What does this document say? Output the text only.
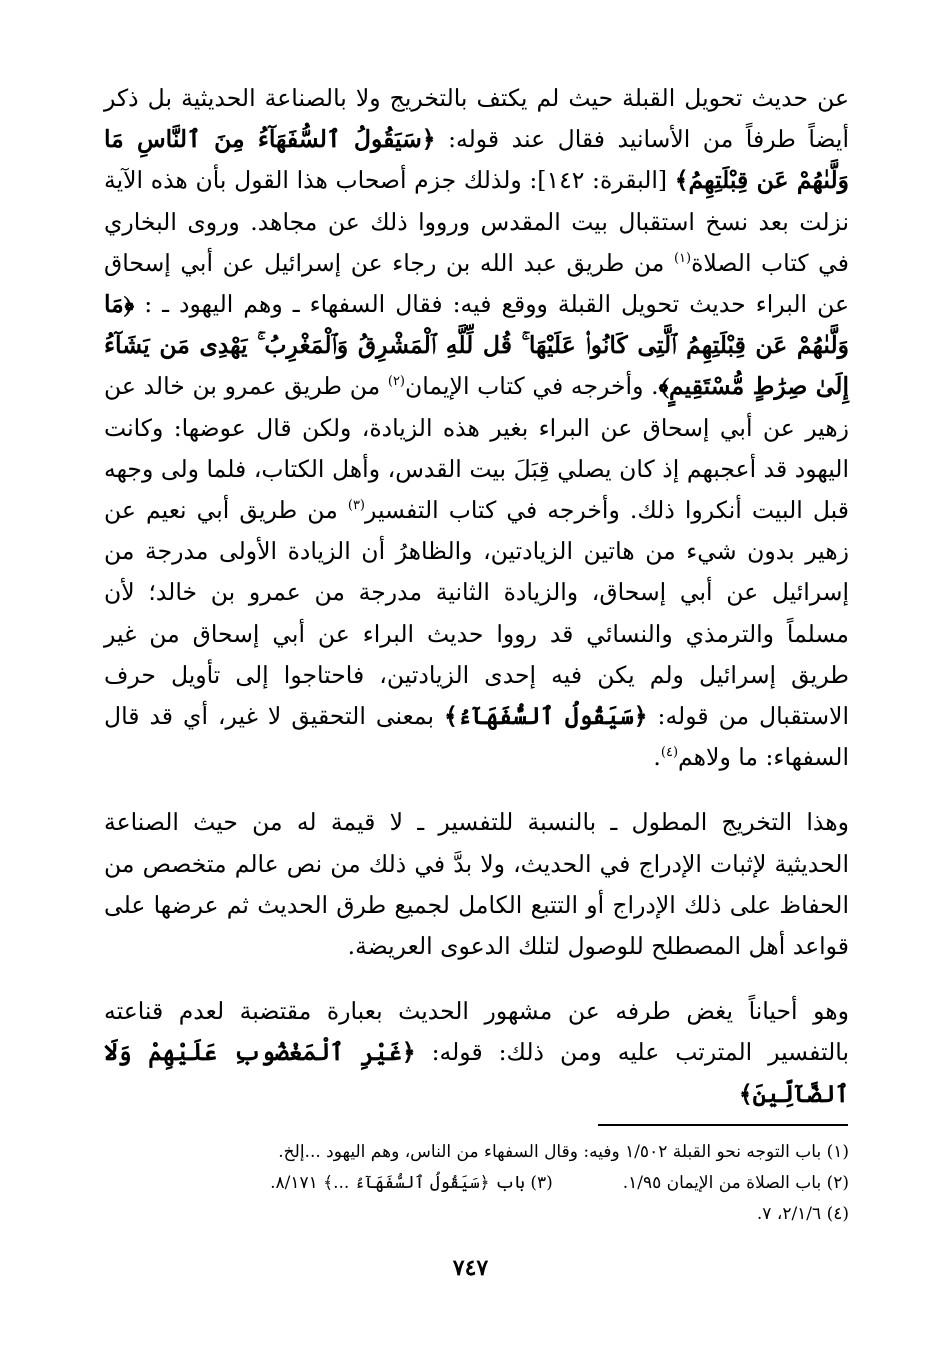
عن حديث تحويل القبلة حيث لم يكتف بالتخريج ولا بالصناعة الحديثية بل ذكر أيضاً طرفاً من الأسانيد فقال عند قوله: ﴿سَيَقُولُ ٱلسُّفَهَآءُ مِنَ ٱلنَّاسِ مَا وَلَّىٰهُمْ عَن قِبْلَتِهِمُ﴾ [البقرة: ١٤٢]: ولذلك جزم أصحاب هذا القول بأن هذه الآية نزلت بعد نسخ استقبال بيت المقدس ورووا ذلك عن مجاهد. وروى البخاري في كتاب الصلاة$^{(١)}$ من طريق عبد الله بن رجاء عن إسرائيل عن أبي إسحاق عن البراء حديث تحويل القبلة ووقع فيه: فقال السفهاء ـ وهم اليهود ـ : ﴿مَا وَلَّىٰهُمْ عَن قِبْلَتِهِمُ ٱلَّتِى كَانُوا۟ عَلَيْهَا ۚ قُل لِّلَّهِ ٱلْمَشْرِقُ وَٱلْمَغْرِبُ ۚ يَهْدِى مَن يَشَآءُ إِلَىٰ صِرَٰطٍ مُّسْتَقِيمٍ﴾. وأخرجه في كتاب الإيمان$^{(٢)}$ من طريق عمرو بن خالد عن زهير عن أبي إسحاق عن البراء بغير هذه الزيادة، ولكن قال عوضها: وكانت اليهود قد أعجبهم إذ كان يصلي قِبَلَ بيت القدس، وأهل الكتاب، فلما ولى وجهه قبل البيت أنكروا ذلك. وأخرجه في كتاب التفسير$^{(٣)}$ من طريق أبي نعيم عن زهير بدون شيء من هاتين الزيادتين، والظاهرُ أن الزيادة الأولى مدرجة من إسرائيل عن أبي إسحاق، والزيادة الثانية مدرجة من عمرو بن خالد؛ لأن مسلماً والترمذي والنسائي قد رووا حديث البراء عن أبي إسحاق من غير طريق إسرائيل ولم يكن فيه إحدى الزيادتين، فاحتاجوا إلى تأويل حرف الاستقبال من قوله: ﴿سَيَقُولُ ٱلسُّفَهَآءُ﴾ بمعنى التحقيق لا غير، أي قد قال السفهاء: ما ولاهم$^{(٤)}$.

وهذا التخريج المطول ـ بالنسبة للتفسير ـ لا قيمة له من حيث الصناعة الحديثية لإثبات الإدراج في الحديث، ولا بدَّ في ذلك من نص عالم متخصص من الحفاظ على ذلك الإدراج أو التتبع الكامل لجميع طرق الحديث ثم عرضها على قواعد أهل المصطلح للوصول لتلك الدعوى العريضة.

وهو أحياناً يغض طرفه عن مشهور الحديث بعبارة مقتضبة لعدم قناعته بالتفسير المترتب عليه ومن ذلك: قوله: ﴿غَيْرِ ٱلْمَغْضُوبِ عَلَيْهِمْ وَلَا ٱلضَّآلِّينَ﴾

(١) باب التوجه نحو القبلة ١/٥٠٢ وفيه: وقال السفهاء من الناس، وهم اليهود ...إلخ.
(٢) باب الصلاة من الإيمان ١/٩٥.(٣) باب ﴿سَيَقُولُ ٱلسُّفَهَآءُ ...﴾ ٨/١٧١.
(٤) ٢/١/٦، ٧.
٧٤٧
